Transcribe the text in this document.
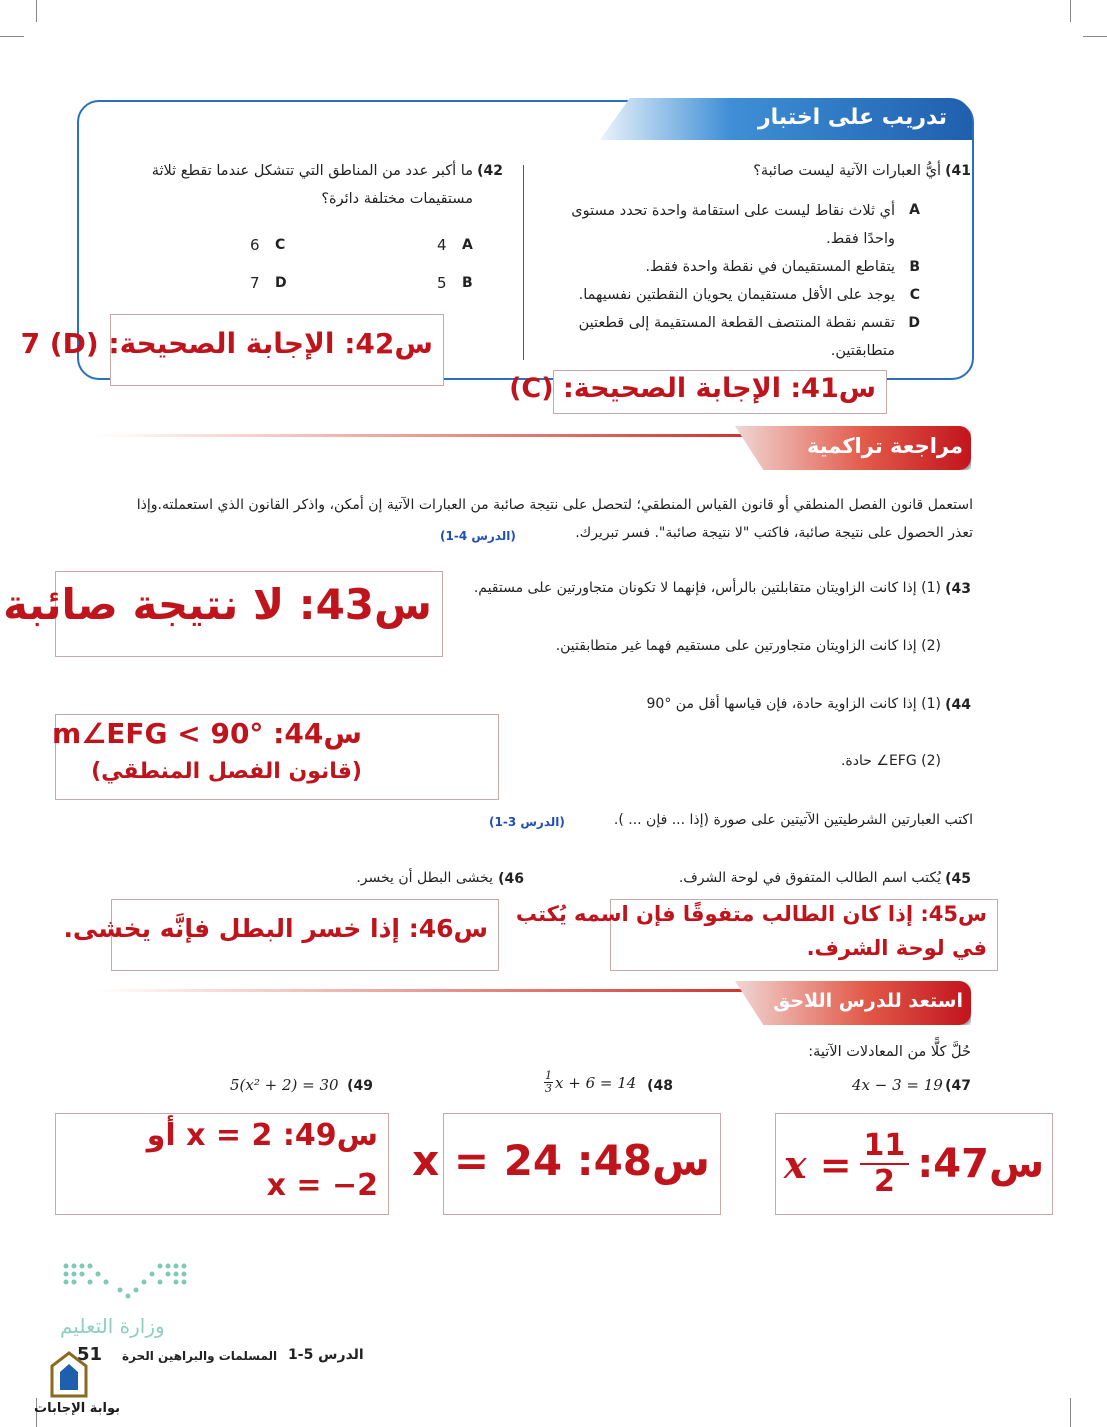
تدريب على اختبار
41)
أيُّ العبارات الآتية ليست صائبة؟
A
أي ثلاث نقاط ليست على استقامة واحدة تحدد مستوى واحدًا فقط.
B
يتقاطع المستقيمان في نقطة واحدة فقط.
C
يوجد على الأقل مستقيمان يحويان النقطتين نفسيهما.
D
تقسم نقطة المنتصف القطعة المستقيمة إلى قطعتين متطابقتين.
42)
ما أكبر عدد من المناطق التي تتشكل عندما تقطع ثلاثة مستقيمات مختلفة دائرة؟
A
4
B
5
C
6
D
7
س42: الإجابة الصحيحة: (D) 7
س41: الإجابة الصحيحة: (C)
مراجعة تراكمية
استعمل قانون الفصل المنطقي أو قانون القياس المنطقي؛ لتحصل على نتيجة صائبة من العبارات الآتية إن أمكن، واذكر القانون الذي استعملته.وإذا
تعذر الحصول على نتيجة صائبة، فاكتب "لا نتيجة صائبة". فسر تبريرك.
(الدرس 4-1)
43)
(1) إذا كانت الزاويتان متقابلتين بالرأس، فإنهما لا تكونان متجاورتين على مستقيم.
(2) إذا كانت الزاويتان متجاورتين على مستقيم فهما غير متطابقتين.
س43: لا نتيجة صائبة
44)
(1) إذا كانت الزاوية حادة، فإن قياسها أقل من °90
(2) EFG∠ حادة.
س44: m∠EFG < 90°
(قانون الفصل المنطقي)
اكتب العبارتين الشرطيتين الآتيتين على صورة (إذا ... فإن ... ).
(الدرس 3-1)
45)
يُكتب اسم الطالب المتفوق في لوحة الشرف.
46)
يخشى البطل أن يخسر.
س46: إذا خسر البطل فإنَّه يخشى. س45: إذا كان الطالب متفوقًا فإن اسمه يُكتب
في لوحة الشرف.
استعد للدرس اللاحق
حُلَّ كلًّا من المعادلات الآتية:
47)
4x − 3 = 19
48)
$\frac{1}{3}$ x + 6 = 14
49)
5(x² + 2) = 30
$x = \frac{11}{2}$ س47:
س48: x = 24
س49: x = 2 أو
x = −2
وزارة التعليم
51	الدرس 5-1
المسلمات والبراهين الحرة
بوابة الإجابات
